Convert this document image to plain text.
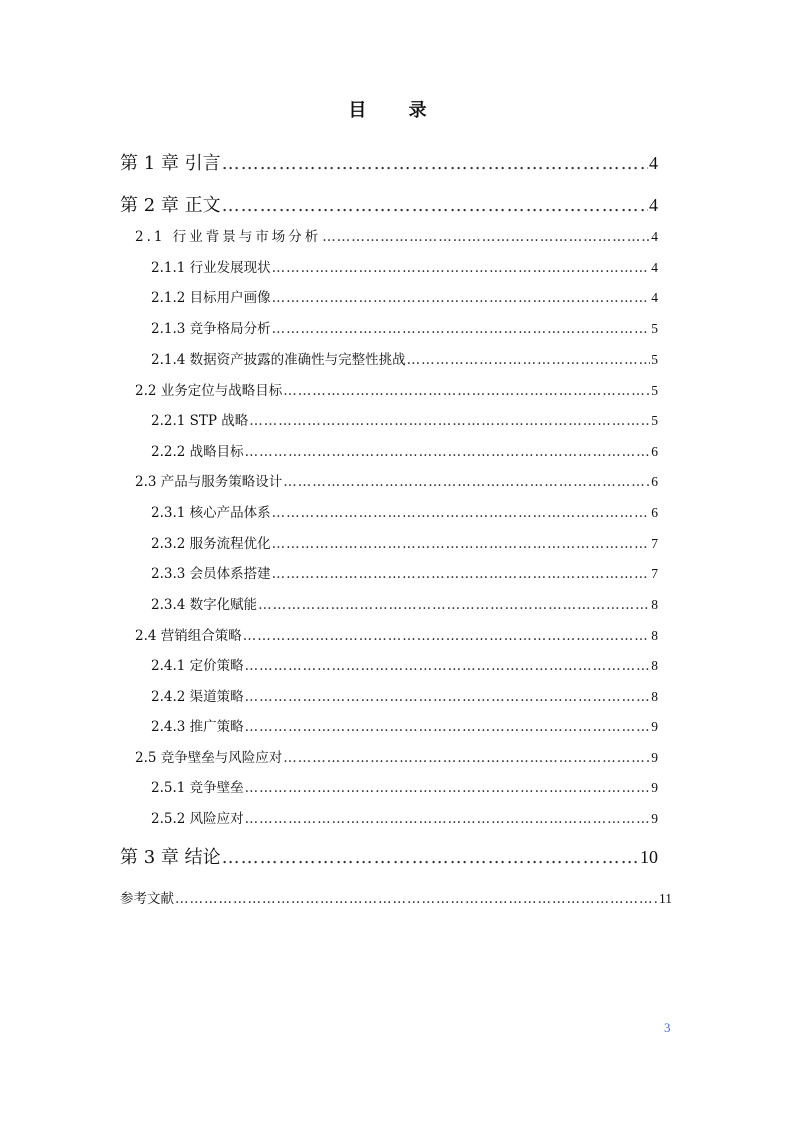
目 录
第 1 章 引言 ……………………………………………………………………………………………………………………………………………………	4
第 2 章 正文 ……………………………………………………………………………………………………………………………………………………	4
2.1 行业背景与市场分析 ……………………………………………………………………………………………………………………………………………………	4
2.1.1 行业发展现状 ……………………………………………………………………………………………………………………………………………………	4
2.1.2 目标用户画像 ……………………………………………………………………………………………………………………………………………………	4
2.1.3 竞争格局分析 ……………………………………………………………………………………………………………………………………………………	5
2.1.4 数据资产披露的准确性与完整性挑战 ……………………………………………………………………………………………………………………………………………………	5
2.2 业务定位与战略目标 ……………………………………………………………………………………………………………………………………………………	5
2.2.1 STP 战略 ……………………………………………………………………………………………………………………………………………………	5
2.2.2 战略目标 ……………………………………………………………………………………………………………………………………………………	6
2.3 产品与服务策略设计 ……………………………………………………………………………………………………………………………………………………	6
2.3.1 核心产品体系 ……………………………………………………………………………………………………………………………………………………	6
2.3.2 服务流程优化 ……………………………………………………………………………………………………………………………………………………	7
2.3.3 会员体系搭建 ……………………………………………………………………………………………………………………………………………………	7
2.3.4 数字化赋能 ……………………………………………………………………………………………………………………………………………………	8
2.4 营销组合策略 ……………………………………………………………………………………………………………………………………………………	8
2.4.1 定价策略 ……………………………………………………………………………………………………………………………………………………	8
2.4.2 渠道策略 ……………………………………………………………………………………………………………………………………………………	8
2.4.3 推广策略 ……………………………………………………………………………………………………………………………………………………	9
2.5 竞争壁垒与风险应对 ……………………………………………………………………………………………………………………………………………………	9
2.5.1 竞争壁垒 ……………………………………………………………………………………………………………………………………………………	9
2.5.2 风险应对 ……………………………………………………………………………………………………………………………………………………	9
第 3 章 结论 ……………………………………………………………………………………………………………………………………………………	10
参考文献 ……………………………………………………………………………………………………………………………………………………	11
3
